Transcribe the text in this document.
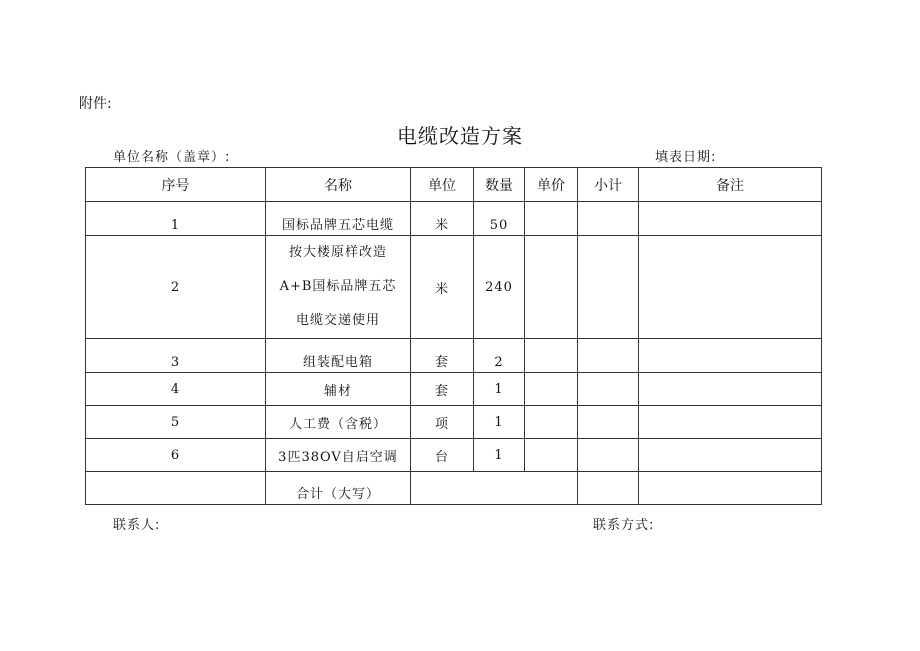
附件:
电缆改造方案
单位名称（盖章）:	填表日期:
序号	名称	单位	数量	单价	小计	备注
1	国标品牌五芯电缆	米	50			
2	按大楼原样改造
A+B国标品牌五芯
电缆交递使用	米	240			
3	组装配电箱	套	2			
4	辅材	套	1			
5	人工费（含税）	项	1			
6	3匹38OV自启空调	台	1			
	合计（大写）					
联系人:	联系方式:
